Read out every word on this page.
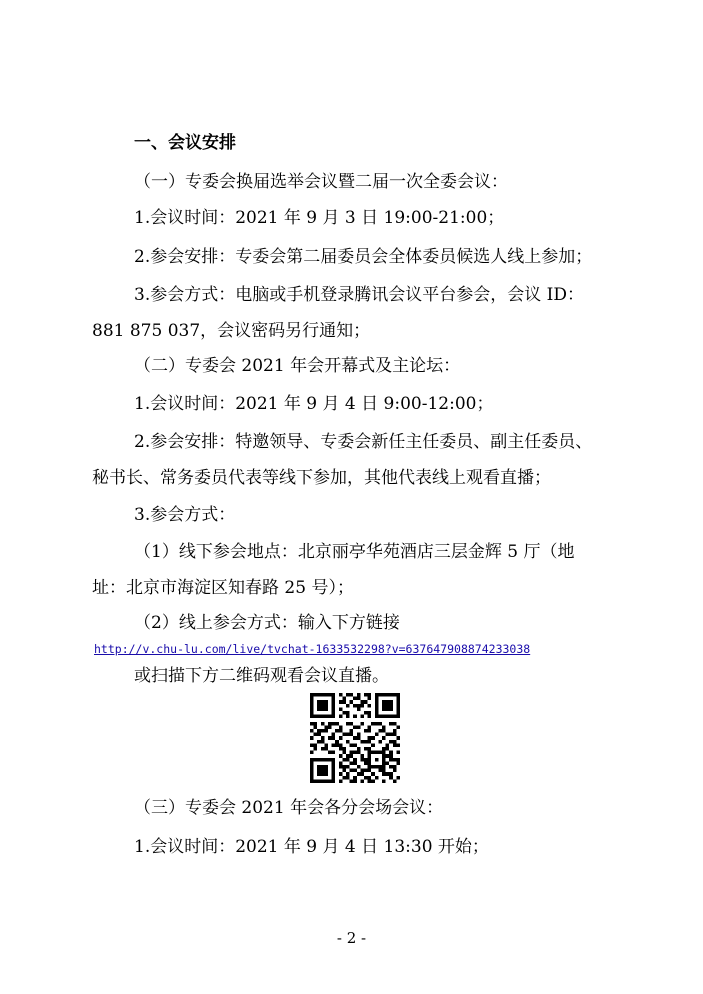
一、会议安排
（一）专委会换届选举会议暨二届一次全委会议：
1.会议时间：2021 年 9 月 3 日 19:00-21:00；
2.参会安排：专委会第二届委员会全体委员候选人线上参加；
3.参会方式：电脑或手机登录腾讯会议平台参会，会议 ID：
881 875 037，会议密码另行通知；
（二）专委会 2021 年会开幕式及主论坛：
1.会议时间：2021 年 9 月 4 日 9:00-12:00；
2.参会安排：特邀领导、专委会新任主任委员、副主任委员、
秘书长、常务委员代表等线下参加，其他代表线上观看直播；
3.参会方式：
（1）线下参会地点：北京丽亭华苑酒店三层金辉 5 厅（地
址：北京市海淀区知春路 25 号）；
（2）线上参会方式：输入下方链接
http://v.chu-lu.com/live/tvchat-1633532298?v=637647908874233038
或扫描下方二维码观看会议直播。
（三）专委会 2021 年会各分会场会议：
1.会议时间：2021 年 9 月 4 日 13:30 开始；
- 2 -
